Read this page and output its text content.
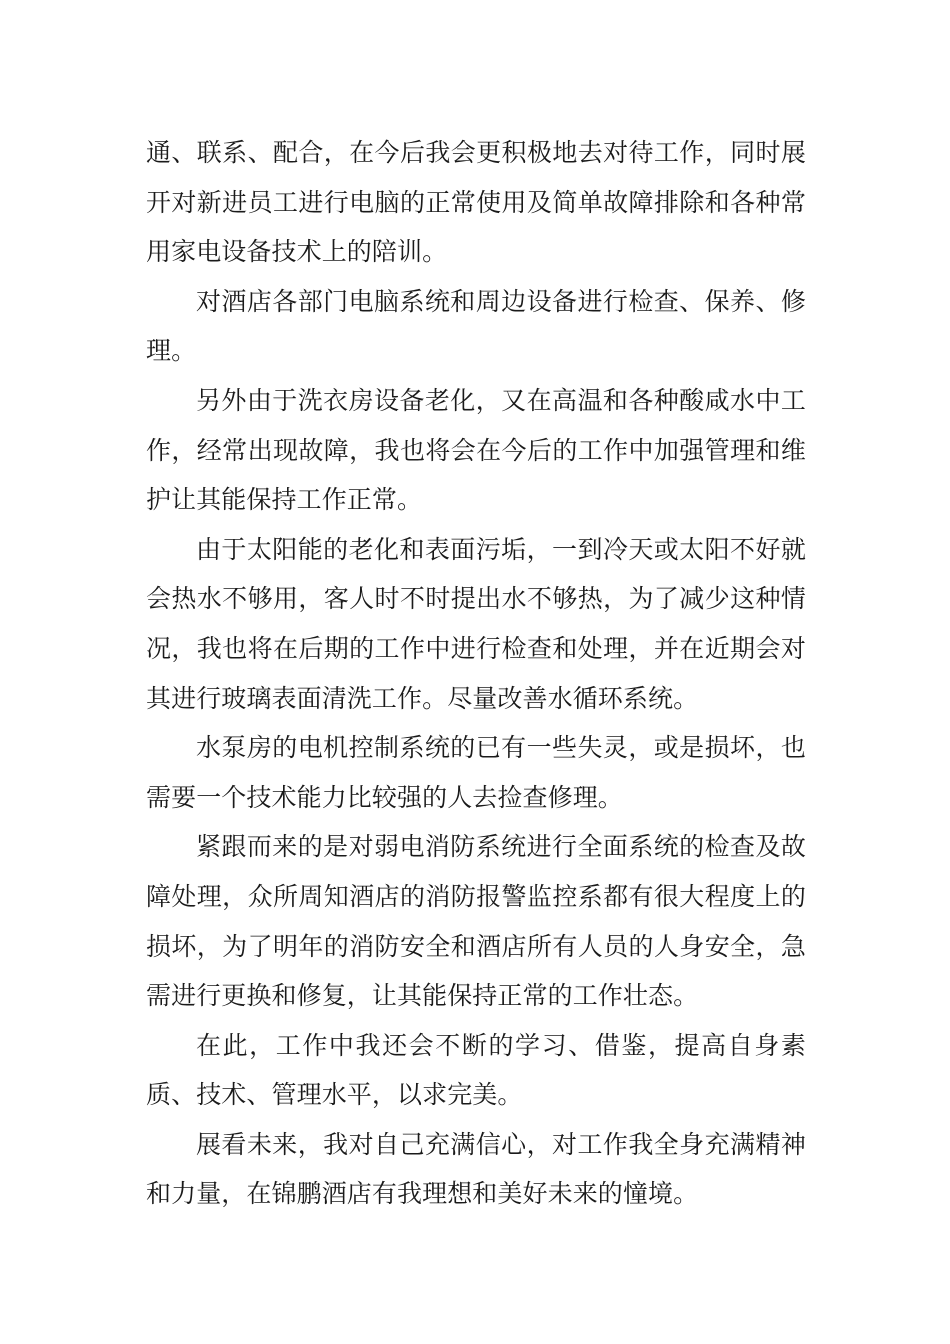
通、联系、配合，在今后我会更积极地去对待工作，同时展开对新进员工进行电脑的正常使用及简单故障排除和各种常用家电设备技术上的陪训。

对酒店各部门电脑系统和周边设备进行检查、保养、修理。

另外由于洗衣房设备老化，又在高温和各种酸咸水中工作，经常出现故障，我也将会在今后的工作中加强管理和维护让其能保持工作正常。

由于太阳能的老化和表面污垢，一到冷天或太阳不好就会热水不够用，客人时不时提出水不够热，为了减少这种情况，我也将在后期的工作中进行检查和处理，并在近期会对其进行玻璃表面清洗工作。尽量改善水循环系统。

水泵房的电机控制系统的已有一些失灵，或是损坏，也需要一个技术能力比较强的人去捡查修理。

紧跟而来的是对弱电消防系统进行全面系统的检查及故障处理，众所周知酒店的消防报警监控系都有很大程度上的损坏，为了明年的消防安全和酒店所有人员的人身安全，急需进行更换和修复，让其能保持正常的工作壮态。

在此，工作中我还会不断的学习、借鉴，提高自身素质、技术、管理水平，以求完美。

展看未来，我对自己充满信心，对工作我全身充满精神和力量，在锦鹏酒店有我理想和美好未来的憧境。
